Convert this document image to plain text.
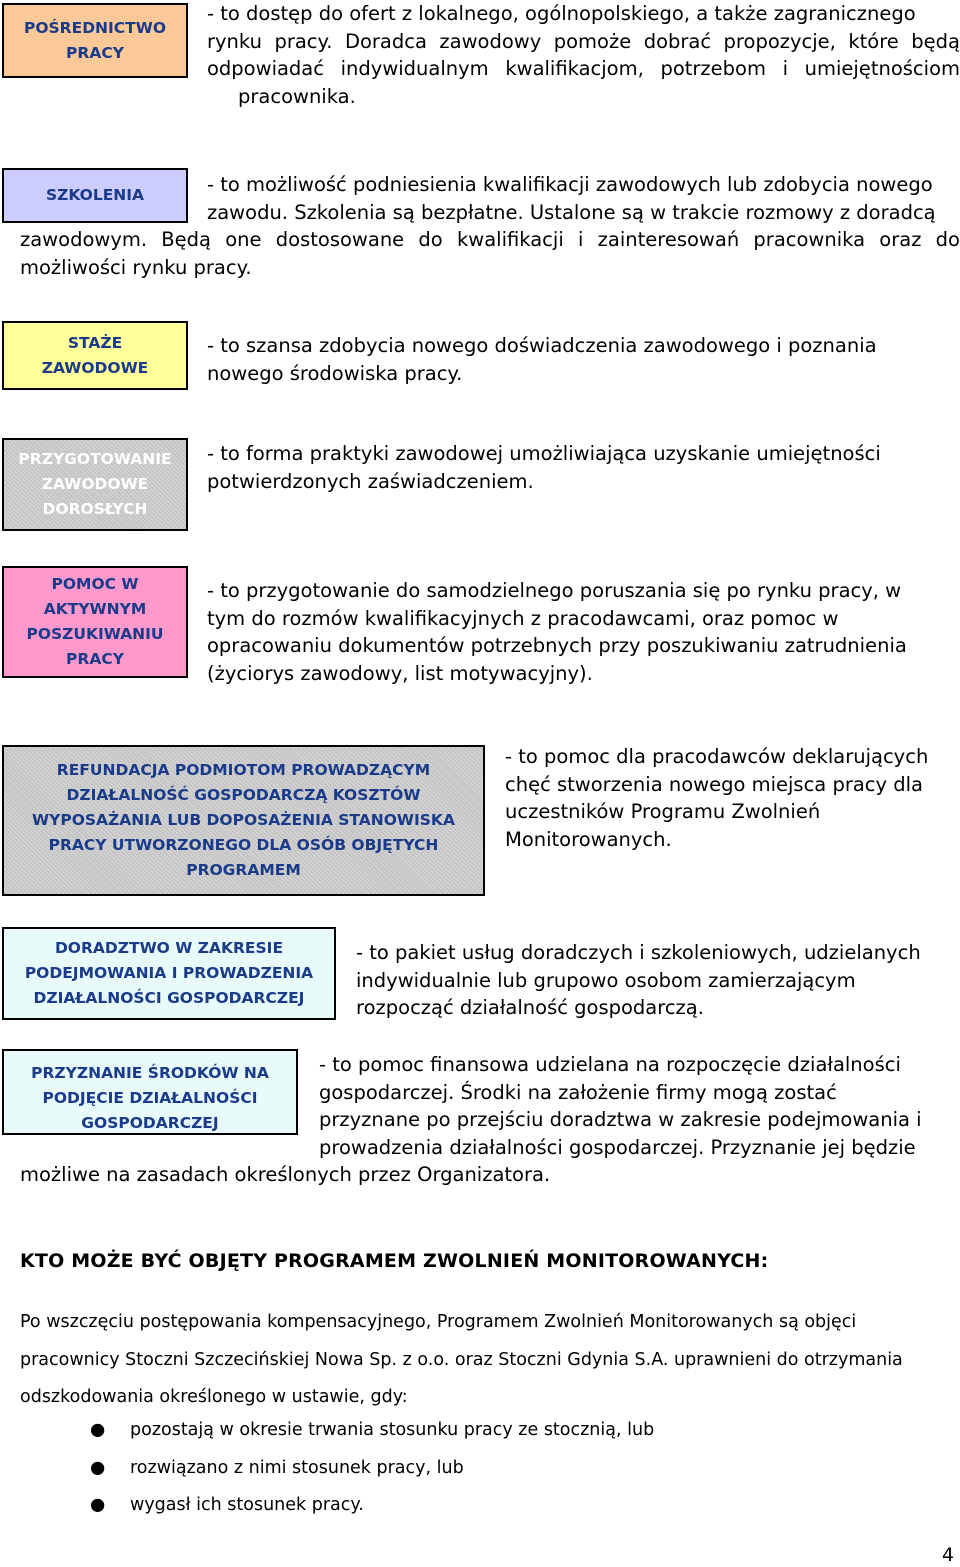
POŚREDNICTWO
PRACY

- to dostęp do ofert z lokalnego, ogólnopolskiego, a także zagranicznego

rynku pracy. Doradca zawodowy pomoże dobrać propozycje, które będą

odpowiadać indywidualnym kwalifikacjom, potrzebom i umiejętnościom

pracownika.

SZKOLENIA	- to możliwość podniesienia kwalifikacji zawodowych lub zdobycia nowego

zawodu. Szkolenia są bezpłatne. Ustalone są w trakcie rozmowy z doradcą

zawodowym. Będą one dostosowane do kwalifikacji i zainteresowań pracownika oraz do

możliwości rynku pracy.

STAŻE
ZAWODOWE

- to szansa zdobycia nowego doświadczenia zawodowego i poznania

nowego środowiska pracy.

PRZYGOTOWANIE
ZAWODOWE
DOROSŁYCH

- to forma praktyki zawodowej umożliwiająca uzyskanie umiejętności

potwierdzonych zaświadczeniem.

POMOC W
AKTYWNYM
POSZUKIWANIU
PRACY

- to przygotowanie do samodzielnego poruszania się po rynku pracy, w

tym do rozmów kwalifikacyjnych z pracodawcami, oraz pomoc w

opracowaniu dokumentów potrzebnych przy poszukiwaniu zatrudnienia

(życiorys zawodowy, list motywacyjny).

REFUNDACJA PODMIOTOM PROWADZĄCYM
DZIAŁALNOŚĆ GOSPODARCZĄ KOSZTÓW
WYPOSAŻANIA LUB DOPOSAŻENIA STANOWISKA
PRACY UTWORZONEGO DLA OSÓB OBJĘTYCH
PROGRAMEM

- to pomoc dla pracodawców deklarujących

chęć stworzenia nowego miejsca pracy dla

uczestników Programu Zwolnień

Monitorowanych.

DORADZTWO W ZAKRESIE
PODEJMOWANIA I PROWADZENIA
DZIAŁALNOŚCI GOSPODARCZEJ

- to pakiet usług doradczych i szkoleniowych, udzielanych

indywidualnie lub grupowo osobom zamierzającym

rozpocząć działalność gospodarczą.

PRZYZNANIE ŚRODKÓW NA
PODJĘCIE DZIAŁALNOŚCI
GOSPODARCZEJ

- to pomoc finansowa udzielana na rozpoczęcie działalności

gospodarczej. Środki na założenie firmy mogą zostać

przyznane po przejściu doradztwa w zakresie podejmowania i

prowadzenia działalności gospodarczej. Przyznanie jej będzie

możliwe na zasadach określonych przez Organizatora.

KTO MOŻE BYĆ OBJĘTY PROGRAMEM ZWOLNIEŃ MONITOROWANYCH:

Po wszczęciu postępowania kompensacyjnego, Programem Zwolnień Monitorowanych są objęci

pracownicy Stoczni Szczecińskiej Nowa Sp. z o.o. oraz Stoczni Gdynia S.A. uprawnieni do otrzymania

odszkodowania określonego w ustawie, gdy:

● pozostają w okresie trwania stosunku pracy ze stocznią, lub
● rozwiązano z nimi stosunek pracy, lub
● wygasł ich stosunek pracy.
4
